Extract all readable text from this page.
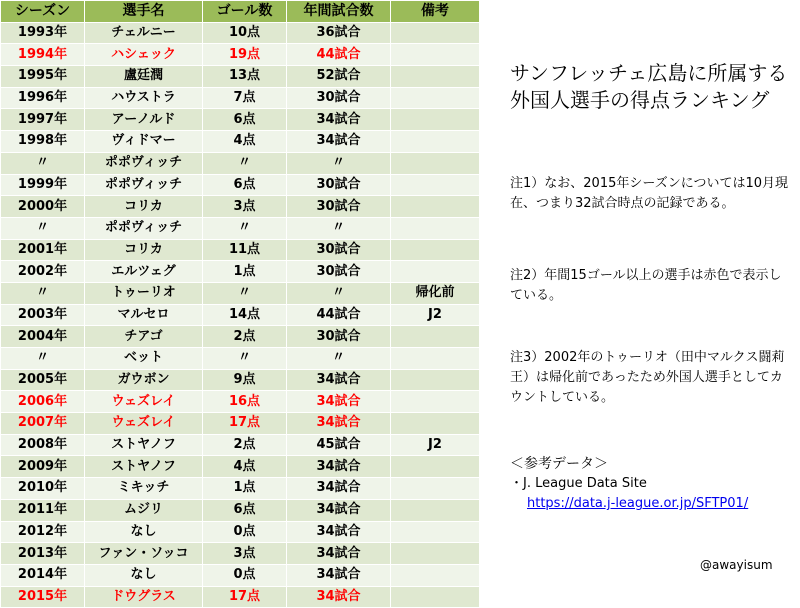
シーズン	選手名	ゴール数	年間試合数	備考
1993年	チェルニー	10点	36試合	
1994年	ハシェック	19点	44試合	
1995年	盧廷潤	13点	52試合	
1996年	ハウストラ	7点	30試合	
1997年	アーノルド	6点	34試合	
1998年	ヴィドマー	4点	34試合	
〃	ポポヴィッチ	〃	〃	
1999年	ポポヴィッチ	6点	30試合	
2000年	コリカ	3点	30試合	
〃	ポポヴィッチ	〃	〃	
2001年	コリカ	11点	30試合	
2002年	エルツェグ	1点	30試合	
〃	トゥーリオ	〃	〃	帰化前
2003年	マルセロ	14点	44試合	J2
2004年	チアゴ	2点	30試合	
〃	ベット	〃	〃	
2005年	ガウボン	9点	34試合	
2006年	ウェズレイ	16点	34試合	
2007年	ウェズレイ	17点	34試合	
2008年	ストヤノフ	2点	45試合	J2
2009年	ストヤノフ	4点	34試合	
2010年	ミキッチ	1点	34試合	
2011年	ムジリ	6点	34試合	
2012年	なし	0点	34試合	
2013年	ファン・ソッコ	3点	34試合	
2014年	なし	0点	34試合	
2015年	ドウグラス	17点	34試合	
サンフレッチェ広島に所属する
外国人選手の得点ランキング
注1）なお、2015年シーズンについては10月現在、つまり32試合時点の記録である。
注2）年間15ゴール以上の選手は赤色で表示している。
注3）2002年のトゥーリオ（田中マルクス闘莉王）は帰化前であったため外国人選手としてカウントしている。
＜参考データ＞
・J. League Data Site
https://data.j-league.or.jp/SFTP01/
@awayisum
